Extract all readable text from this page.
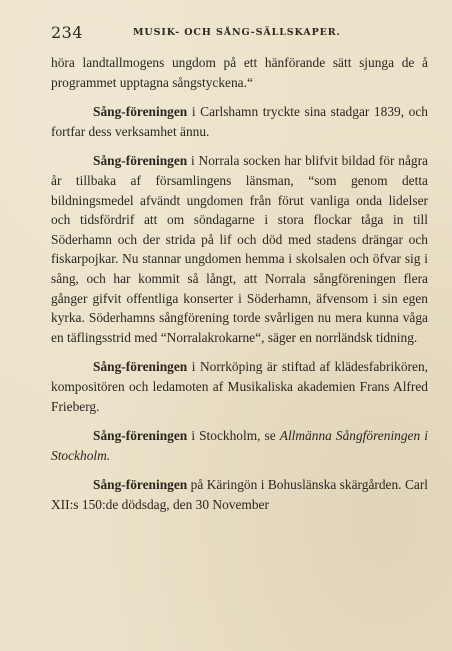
234	MUSIK- OCH SÅNG-SÄLLSKAPER.

höra landtallmogens ungdom på ett hänförande sätt sjunga de å programmet upptagna sångstyckena.“

Sång-föreningen i Carlshamn tryckte sina stadgar 1839, och fortfar dess verksamhet ännu.

Sång-föreningen i Norrala socken har blifvit bildad för några år tillbaka af församlingens länsman, “som genom detta bildningsmedel afvändt ungdomen från förut vanliga onda lidelser och tidsfördrif att om söndagarne i stora flockar tåga in till Söderhamn och der strida på lif och död med stadens drängar och fiskarpojkar. Nu stannar ungdomen hemma i skolsalen och öfvar sig i sång, och har kommit så långt, att Norrala sångföreningen flera gånger gifvit offentliga konserter i Söderhamn, äfvensom i sin egen kyrka. Söderhamns sångförening torde svårligen nu mera kunna våga en täflingsstrid med “Norralakrokarne“, säger en norrländsk tidning.

Sång-föreningen i Norrköping är stiftad af klädesfabrikören, kompositören och ledamoten af Musikaliska akademien Frans Alfred Frieberg.

Sång-föreningen i Stockholm, se Allmänna Sångföreningen i Stockholm.

Sång-föreningen på Käringön i Bohuslänska skärgården. Carl XII:s 150:de dödsdag, den 30 November
